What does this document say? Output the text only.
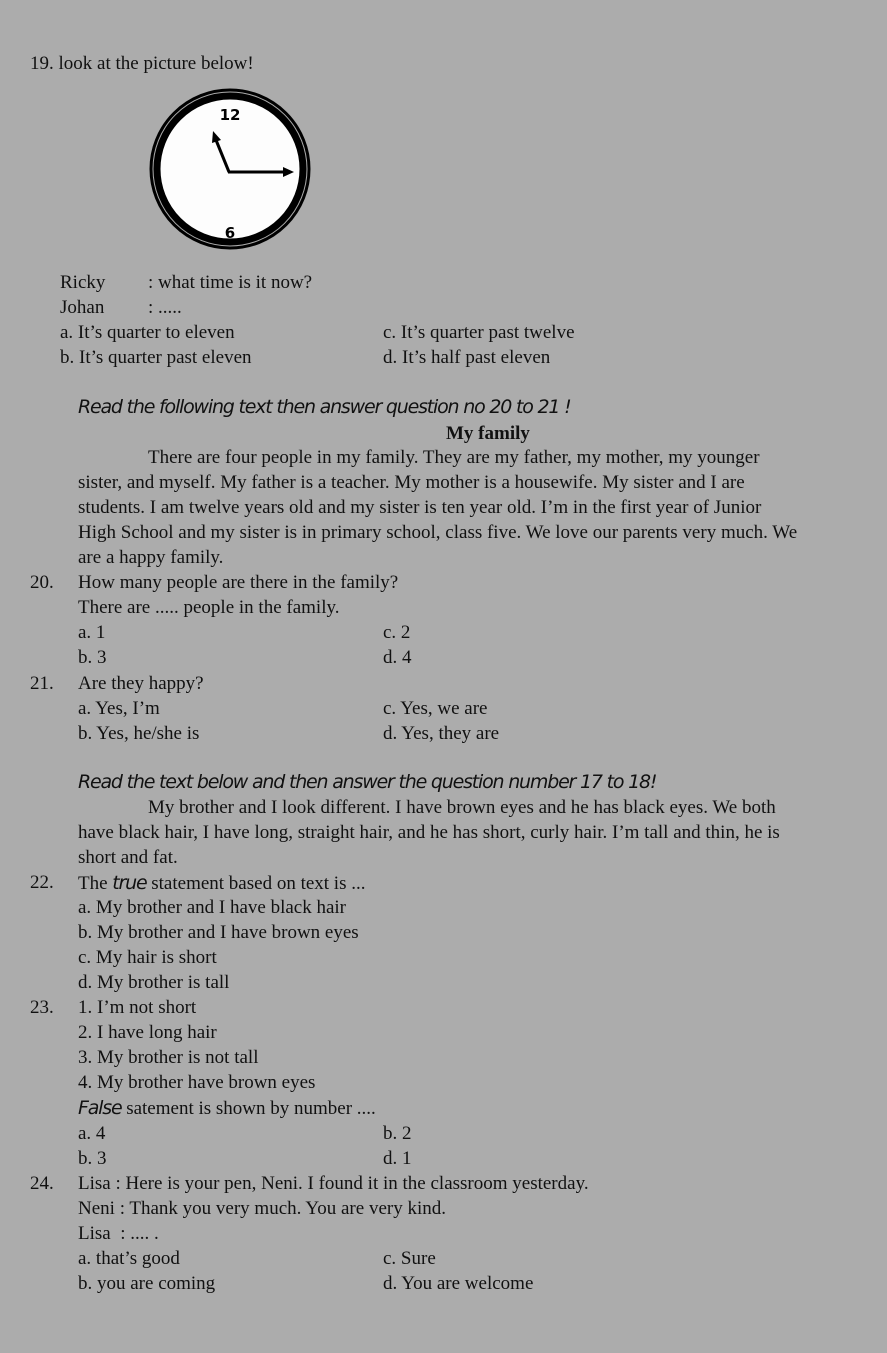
19. look at the picture below!
12
6
Ricky : what time is it now?
Johan : .....
a. It’s quarter to eleven	c. It’s quarter past twelve
b. It’s quarter past eleven	d. It’s half past eleven
Read the following text then answer question no 20 to 21 !
My family
There are four people in my family. They are my father, my mother, my younger
sister, and myself. My father is a teacher. My mother is a housewife. My sister and I are
students. I am twelve years old and my sister is ten year old. I’m in the first year of Junior
High School and my sister is in primary school, class five. We love our parents very much. We
are a happy family.
20. How many people are there in the family?
There are ..... people in the family.
a. 1	c. 2
b. 3	d. 4
21. Are they happy?
a. Yes, I’m	c. Yes, we are
b. Yes, he/she is	d. Yes, they are
Read the text below and then answer the question number 17 to 18!
My brother and I look different. I have brown eyes and he has black eyes. We both
have black hair, I have long, straight hair, and he has short, curly hair. I’m tall and thin, he is
short and fat.
22. The true statement based on text is ...
a. My brother and I have black hair
b. My brother and I have brown eyes
c. My hair is short
d. My brother is tall
23. 1. I’m not short
2. I have long hair
3. My brother is not tall
4. My brother have brown eyes
False satement is shown by number ....
a. 4	b. 2
b. 3	d. 1
24. Lisa : Here is your pen, Neni. I found it in the classroom yesterday.
Neni : Thank you very much. You are very kind.
Lisa : .... .
a. that’s good	c. Sure
b. you are coming	d. You are welcome
